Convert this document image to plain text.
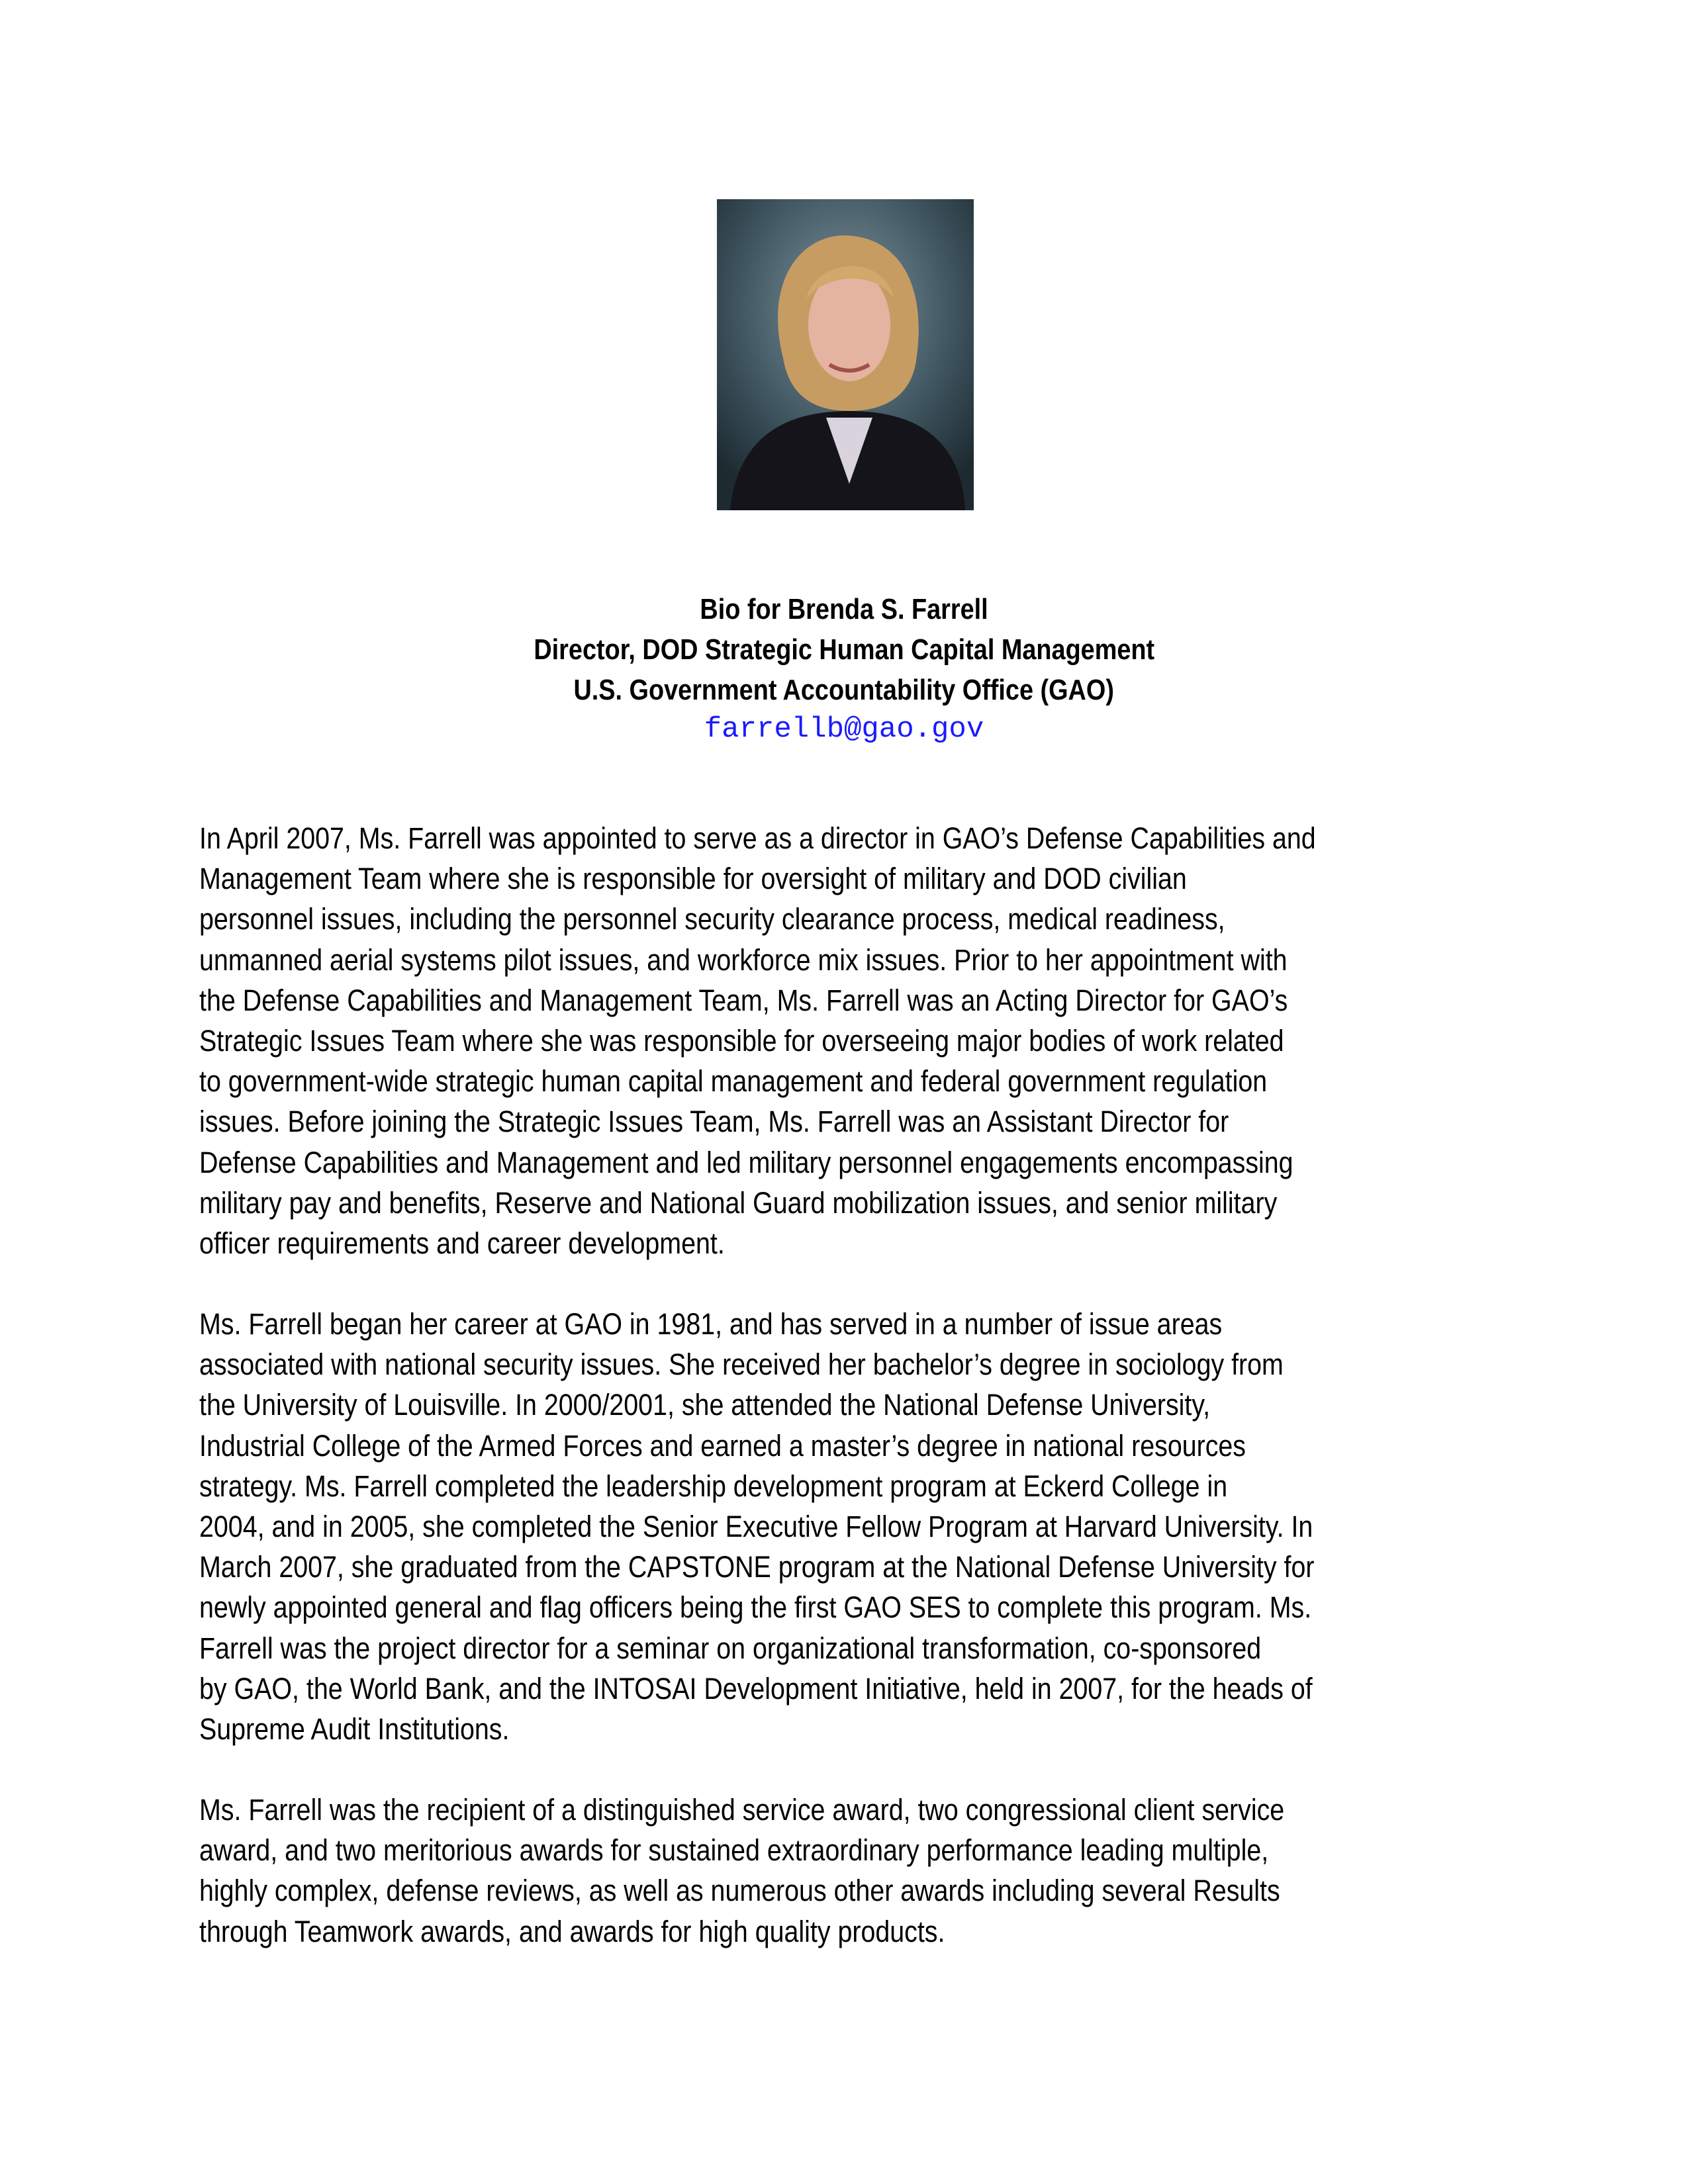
Bio for Brenda S. Farrell
Director, DOD Strategic Human Capital Management
U.S. Government Accountability Office (GAO)
farrellb@gao.gov
In April 2007, Ms. Farrell was appointed to serve as a director in GAO’s Defense Capabilities and
Management Team where she is responsible for oversight of military and DOD civilian
personnel issues, including the personnel security clearance process, medical readiness,
unmanned aerial systems pilot issues, and workforce mix issues. Prior to her appointment with
the Defense Capabilities and Management Team, Ms. Farrell was an Acting Director for GAO’s
Strategic Issues Team where she was responsible for overseeing major bodies of work related
to government-wide strategic human capital management and federal government regulation
issues. Before joining the Strategic Issues Team, Ms. Farrell was an Assistant Director for
Defense Capabilities and Management and led military personnel engagements encompassing
military pay and benefits, Reserve and National Guard mobilization issues, and senior military
officer requirements and career development.
Ms. Farrell began her career at GAO in 1981, and has served in a number of issue areas
associated with national security issues. She received her bachelor’s degree in sociology from
the University of Louisville. In 2000/2001, she attended the National Defense University,
Industrial College of the Armed Forces and earned a master’s degree in national resources
strategy. Ms. Farrell completed the leadership development program at Eckerd College in
2004, and in 2005, she completed the Senior Executive Fellow Program at Harvard University. In
March 2007, she graduated from the CAPSTONE program at the National Defense University for
newly appointed general and flag officers being the first GAO SES to complete this program. Ms.
Farrell was the project director for a seminar on organizational transformation, co-sponsored
by GAO, the World Bank, and the INTOSAI Development Initiative, held in 2007, for the heads of
Supreme Audit Institutions.
Ms. Farrell was the recipient of a distinguished service award, two congressional client service
award, and two meritorious awards for sustained extraordinary performance leading multiple,
highly complex, defense reviews, as well as numerous other awards including several Results
through Teamwork awards, and awards for high quality products.
